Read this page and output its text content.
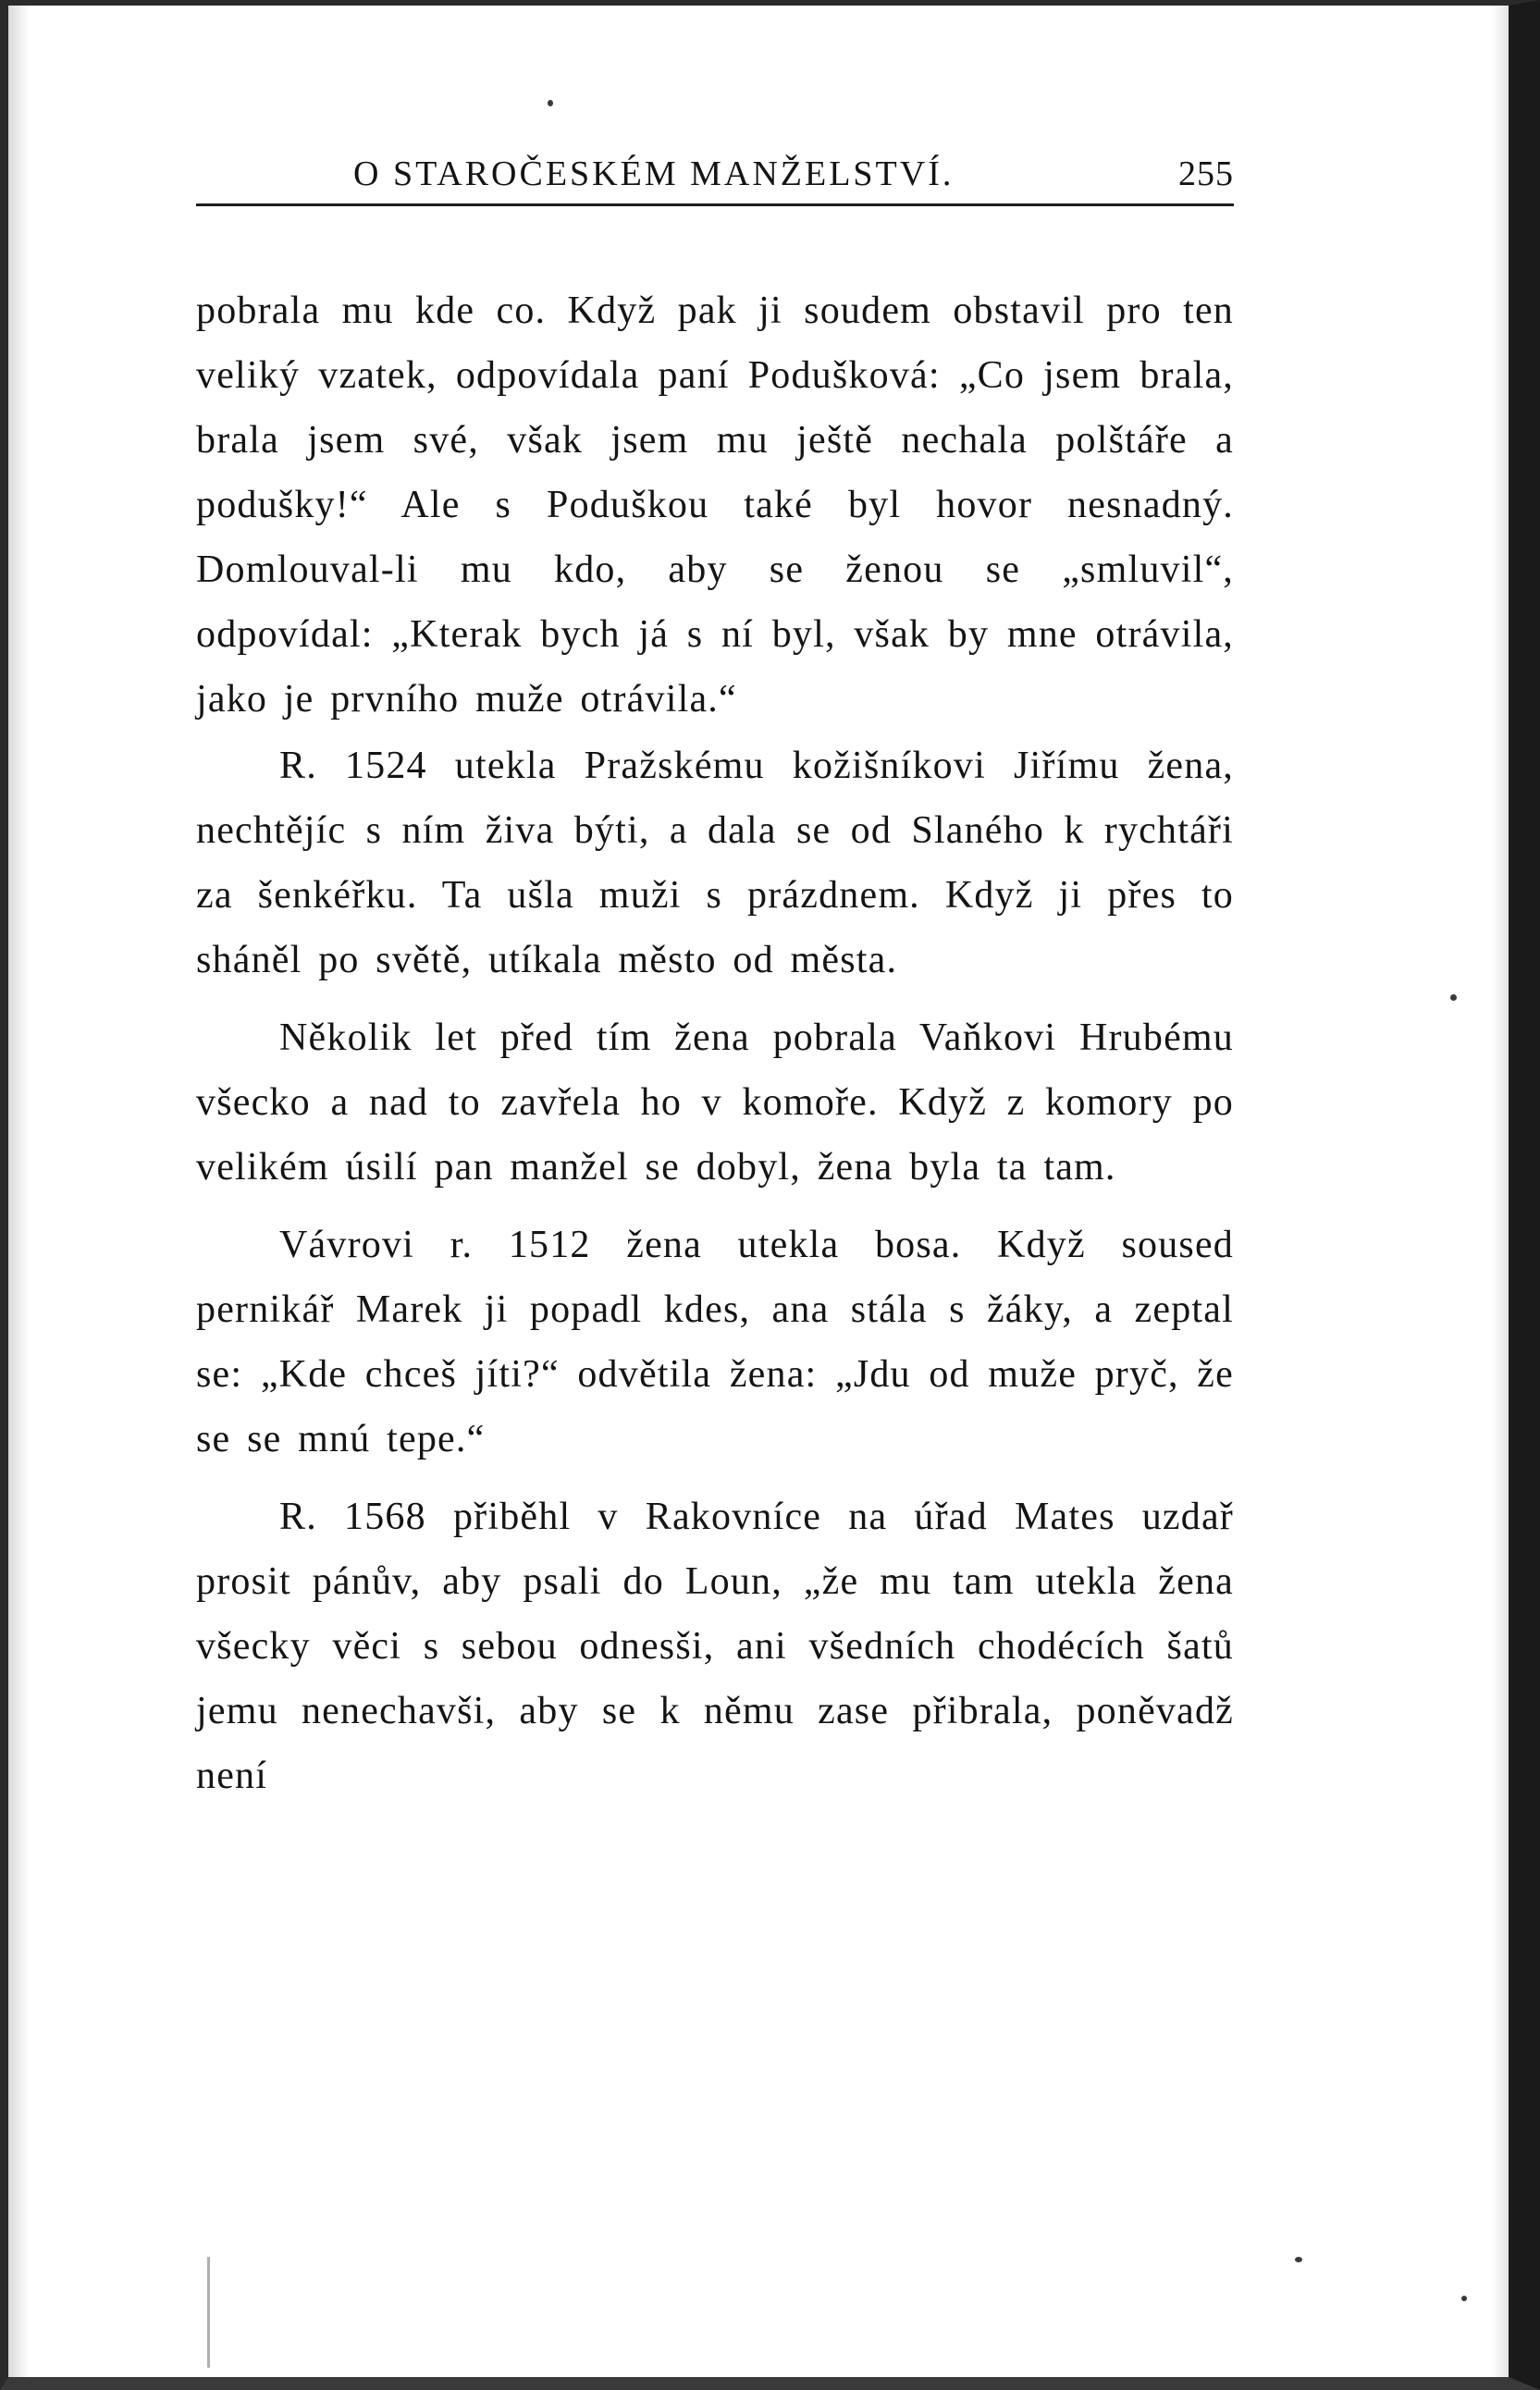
O STAROČESKÉM MANŽELSTVÍ.	255

pobrala mu kde co. Když pak ji soudem obstavil pro ten veliký vzatek, odpovídala paní Podušková: „Co jsem brala, brala jsem své, však jsem mu ještě nechala polštáře a podušky!“ Ale s Poduškou také byl hovor nesnadný. Domlouval-li mu kdo, aby se ženou se „smluvil“, odpovídal: „Kterak bych já s ní byl, však by mne otrávila, jako je prvního muže otrávila.“

R. 1524 utekla Pražskému kožišníkovi Jiřímu žena, nechtějíc s ním živa býti, a dala se od Slaného k rychtáři za šenkéřku. Ta ušla muži s prázdnem. Když ji přes to sháněl po světě, utíkala město od města.

Několik let před tím žena pobrala Vaňkovi Hrubému všecko a nad to zavřela ho v komoře. Když z komory po velikém úsilí pan manžel se dobyl, žena byla ta tam.

Vávrovi r. 1512 žena utekla bosa. Když soused pernikář Marek ji popadl kdes, ana stála s žáky, a zeptal se: „Kde chceš jíti?“ odvětila žena: „Jdu od muže pryč, že se se mnú tepe.“

R. 1568 přiběhl v Rakovníce na úřad Mates uzdař prosit pánův, aby psali do Loun, „že mu tam utekla žena všecky věci s sebou odnesši, ani všedních chodécích šatů jemu nenechavši, aby se k němu zase přibrala, poněvadž není
